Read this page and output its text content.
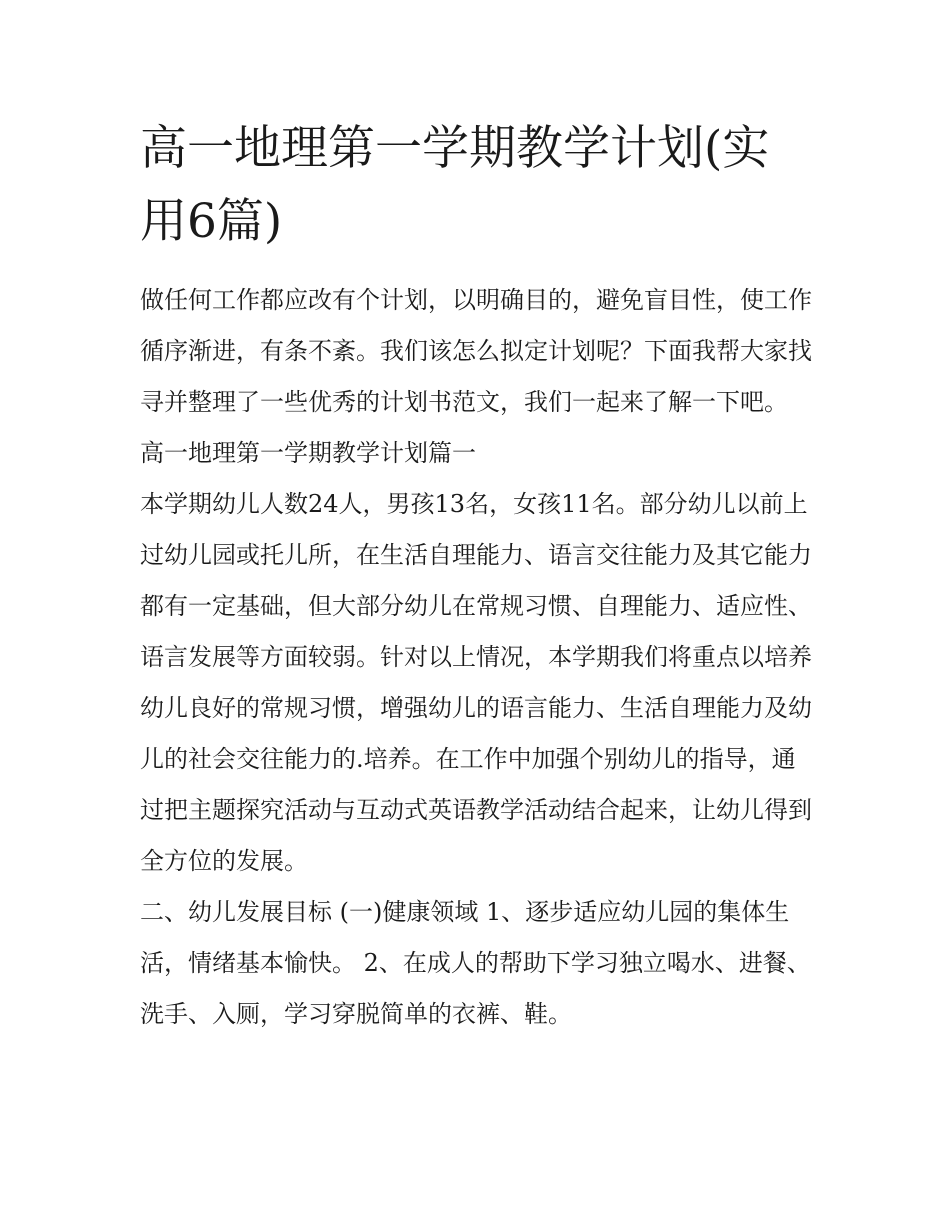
高一地理第一学期教学计划(实用6篇)

做任何工作都应改有个计划，以明确目的，避免盲目性，使工作循序渐进，有条不紊。我们该怎么拟定计划呢？下面我帮大家找寻并整理了一些优秀的计划书范文，我们一起来了解一下吧。

高一地理第一学期教学计划篇一

本学期幼儿人数24人，男孩13名，女孩11名。部分幼儿以前上过幼儿园或托儿所，在生活自理能力、语言交往能力及其它能力都有一定基础，但大部分幼儿在常规习惯、自理能力、适应性、语言发展等方面较弱。针对以上情况，本学期我们将重点以培养幼儿良好的常规习惯，增强幼儿的语言能力、生活自理能力及幼儿的社会交往能力的.培养。在工作中加强个别幼儿的指导，通过把主题探究活动与互动式英语教学活动结合起来，让幼儿得到全方位的发展。

二、幼儿发展目标 (一)健康领域 1、逐步适应幼儿园的集体生活，情绪基本愉快。 2、在成人的帮助下学习独立喝水、进餐、洗手、入厕，学习穿脱简单的衣裤、鞋。
